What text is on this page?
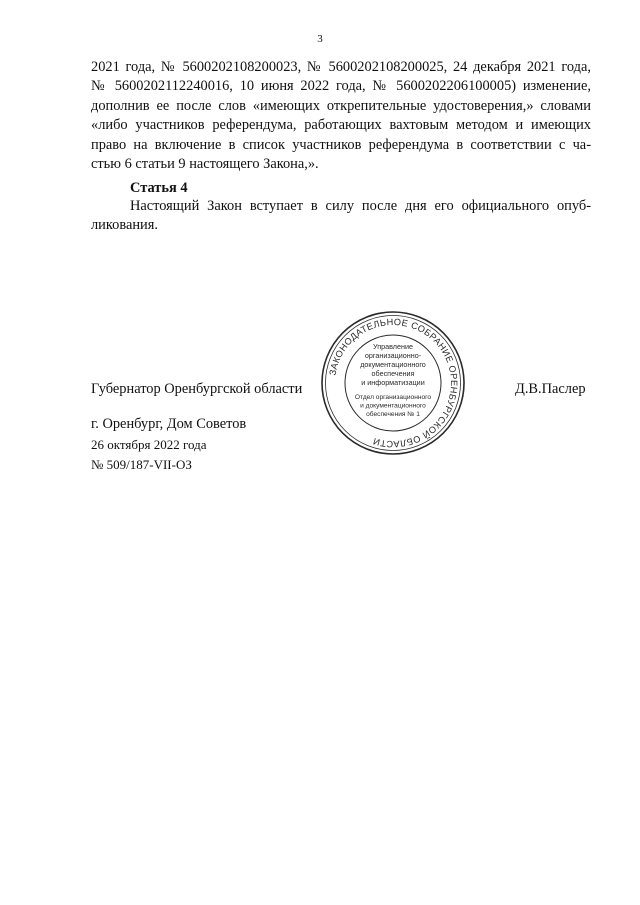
3
2021 года, № 5600202108200023, № 5600202108200025, 24 декабря 2021 года,
№ 5600202112240016, 10 июня 2022 года, № 5600202206100005) изменение,
дополнив ее после слов «имеющих открепительные удостоверения,» словами
«либо участников референдума, работающих вахтовым методом и имеющих
право на включение в список участников референдума в соответствии с ча-
стью 6 статьи 9 настоящего Закона,».
Статья 4
Настоящий Закон вступает в силу после дня его официального опуб-
ликования.
Губернатор Оренбургской области	Д.В.Паслер
г. Оренбург, Дом Советов
26 октября 2022 года
№ 509/187-VII-ОЗ
ЗАКОНОДАТЕЛЬНОЕ СОБРАНИЕ ОРЕНБУРГСКОЙ ОБЛАСТИ
Управление
организационно-
документационного
обеспечения
и информатизации
Отдел организационного
и документационного
обеспечения № 1
